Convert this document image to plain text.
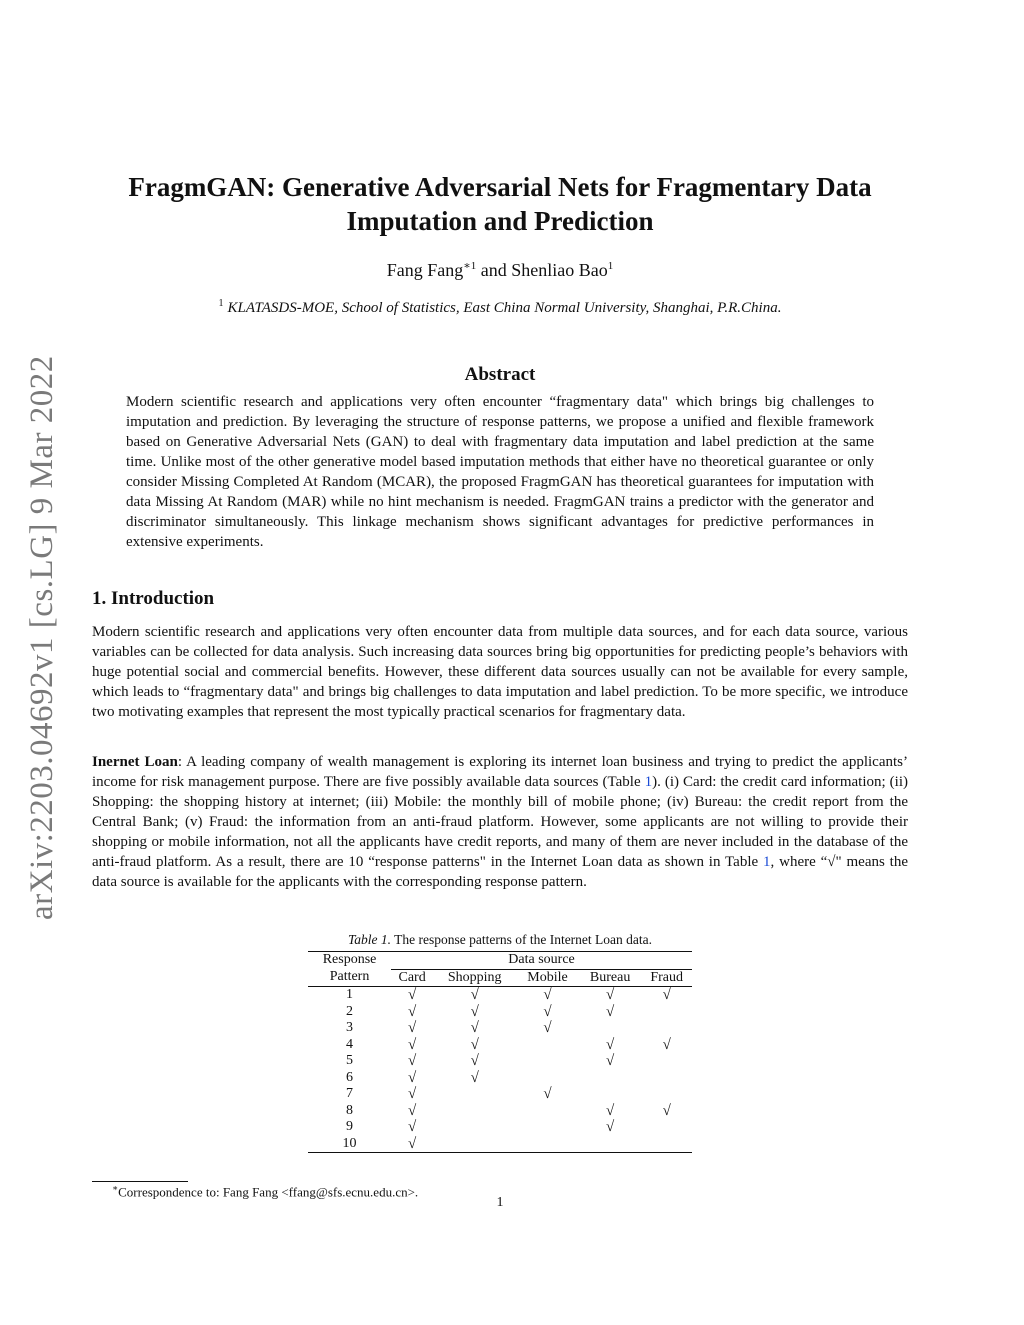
arXiv:2203.04692v1 [cs.LG] 9 Mar 2022
FragmGAN: Generative Adversarial Nets for Fragmentary Data
Imputation and Prediction
Fang Fang$^{∗1}$ and Shenliao Bao$^1$
$^1$ KLATASDS-MOE, School of Statistics, East China Normal University, Shanghai, P.R.China.
Abstract
Modern scientific research and applications very often encounter “fragmentary data" which brings big challenges to imputation and prediction. By leveraging the structure of response patterns, we propose a unified and flexible framework based on Generative Adversarial Nets (GAN) to deal with fragmentary data imputation and label prediction at the same time. Unlike most of the other generative model based imputation methods that either have no theoretical guarantee or only consider Missing Completed At Random (MCAR), the proposed FragmGAN has theoretical guarantees for imputation with data Missing At Random (MAR) while no hint mechanism is needed. FragmGAN trains a predictor with the generator and discriminator simultaneously. This linkage mechanism shows significant advantages for predictive performances in extensive experiments.
1. Introduction
Modern scientific research and applications very often encounter data from multiple data sources, and for each data source, various variables can be collected for data analysis. Such increasing data sources bring big opportunities for predicting people’s behaviors with huge potential social and commercial benefits. However, these different data sources usually can not be available for every sample, which leads to “fragmentary data" and brings big challenges to data imputation and label prediction. To be more specific, we introduce two motivating examples that represent the most typically practical scenarios for fragmentary data.
Inernet Loan: A leading company of wealth management is exploring its internet loan business and trying to predict the applicants’ income for risk management purpose. There are five possibly available data sources (Table 1). (i) Card: the credit card information; (ii) Shopping: the shopping history at internet; (iii) Mobile: the monthly bill of mobile phone; (iv) Bureau: the credit report from the Central Bank; (v) Fraud: the information from an anti-fraud platform. However, some applicants are not willing to provide their shopping or mobile information, not all the applicants have credit reports, and many of them are never included in the database of the anti-fraud platform. As a result, there are 10 “response patterns" in the Internet Loan data as shown in Table 1, where “√" means the data source is available for the applicants with the corresponding response pattern.
Table 1. The response patterns of the Internet Loan data.
Response	Data source				
Pattern	Card	Shopping	Mobile	Bureau	Fraud
1	√	√	√	√	√
2	√	√	√	√	
3	√	√	√		
4	√	√		√	√
5	√	√		√	
6	√	√			
7	√		√		
8	√			√	√
9	√			√	
10	√				
∗Correspondence to: Fang Fang <ffang@sfs.ecnu.edu.cn>.
1
